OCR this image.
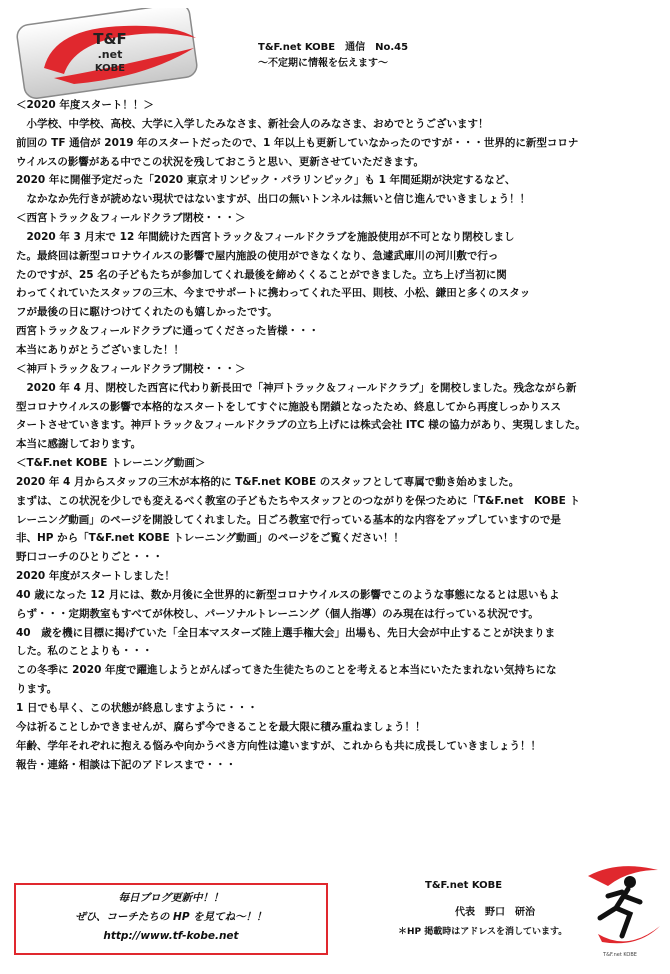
T&F
.net
KOBE
T&F.net KOBE　通信　No.45
～不定期に情報を伝えます～

＜2020 年度スタート！！＞

　小学校、中学校、高校、大学に入学したみなさま、新社会人のみなさま、おめでとうございます！

前回の TF 通信が 2019 年のスタートだったので、1 年以上も更新していなかったのですが・・・世界的に新型コロナ

ウイルスの影響がある中でこの状況を残しておこうと思い、更新させていただきます。

2020 年に開催予定だった「2020 東京オリンピック・パラリンピック」も 1 年間延期が決定するなど、

　なかなか先行きが読めない現状ではないますが、出口の無いトンネルは無いと信じ進んでいきましょう！！

＜西宮トラック＆フィールドクラブ閉校・・・＞

　2020 年 3 月末で 12 年間続けた西宮トラック＆フィールドクラブを施設使用が不可となり閉校しまし

た。最終回は新型コロナウイルスの影響で屋内施設の使用ができなくなり、急遽武庫川の河川敷で行っ

たのですが、25 名の子どもたちが参加してくれ最後を締めくくることができました。立ち上げ当初に関

わってくれていたスタッフの三木、今までサポートに携わってくれた平田、則枝、小松、鎌田と多くのスタッ

フが最後の日に駆けつけてくれたのも嬉しかったです。

西宮トラック＆フィールドクラブに通ってくださった皆様・・・

本当にありがとうございました！！

＜神戸トラック＆フィールドクラブ開校・・・＞

　2020 年 4 月、閉校した西宮に代わり新長田で「神戸トラック＆フィールドクラブ」を開校しました。残念ながら新

型コロナウイルスの影響で本格的なスタートをしてすぐに施設も閉鎖となったため、終息してから再度しっかりスス

タートさせていきます。神戸トラック＆フィールドクラブの立ち上げには株式会社 ITC 様の協力があり、実現しました。

本当に感謝しております。

＜T&F.net KOBE トレーニング動画＞

2020 年 4 月からスタッフの三木が本格的に T&F.net KOBE のスタッフとして専属で動き始めました。

まずは、この状況を少しでも変えるべく教室の子どもたちやスタッフとのつながりを保つために「T&F.net　KOBE ト

レーニング動画」のページを開設してくれました。日ごろ教室で行っている基本的な内容をアップしていますので是

非、HP から「T&F.net KOBE トレーニング動画」のページをご覧ください！！

野口コーチのひとりごと・・・

2020 年度がスタートしました！

40 歳になった 12 月には、数か月後に全世界的に新型コロナウイルスの影響でこのような事態になるとは思いもよ

らず・・・定期教室もすべてが休校し、パーソナルトレーニング（個人指導）のみ現在は行っている状況です。

40　歳を機に目標に掲げていた「全日本マスターズ陸上選手権大会」出場も、先日大会が中止することが決まりま

した。私のことよりも・・・

この冬季に 2020 年度で躍進しようとがんばってきた生徒たちのことを考えると本当にいたたまれない気持ちにな

ります。

1 日でも早く、この状態が終息しますように・・・

今は祈ることしかできませんが、腐らず今できることを最大限に積み重ねましょう！！

年齢、学年それぞれに抱える悩みや向かうべき方向性は違いますが、これからも共に成長していきましょう！！

報告・連絡・相談は下記のアドレスまで・・・

毎日ブログ更新中！！
ぜひ、コーチたちの HP を見てね～！！
http://www.tf-kobe.net
T&F.net KOBE
代表　野口　研治
＊HP 掲載時はアドレスを消しています。
T&F.net KOBE
